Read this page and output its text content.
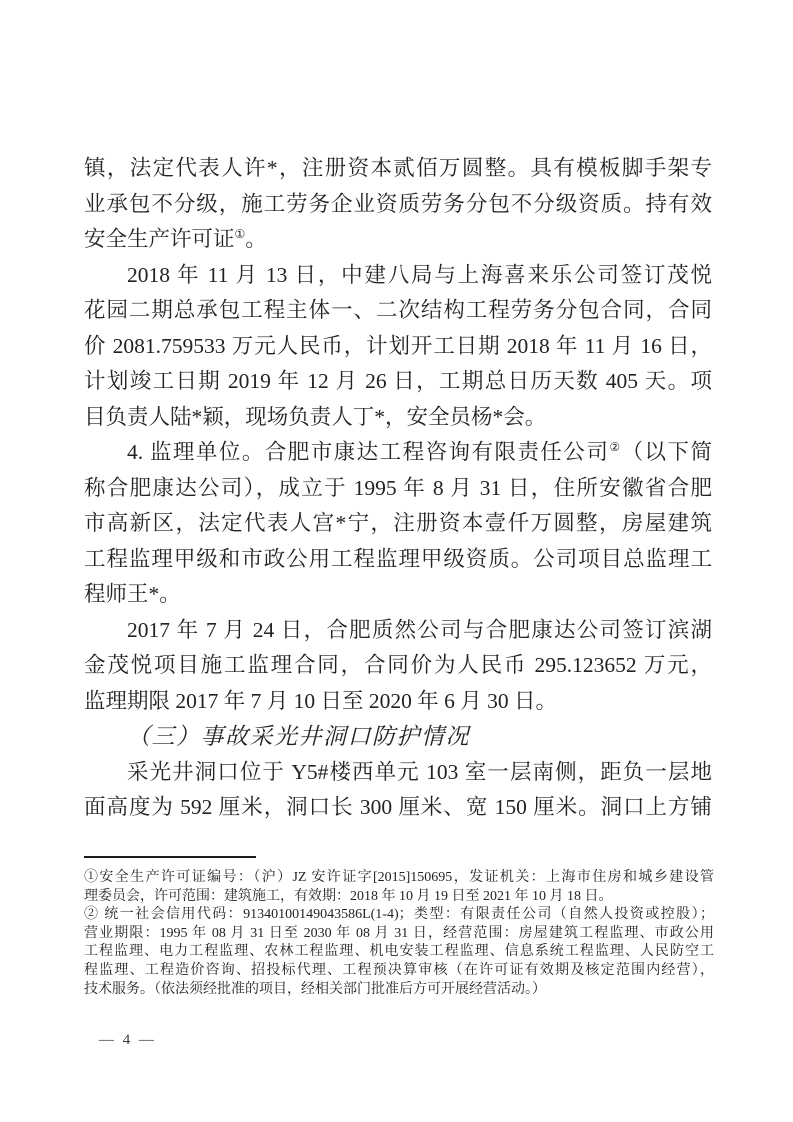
镇，法定代表人许*，注册资本贰佰万圆整。具有模板脚手架专
业承包不分级，施工劳务企业资质劳务分包不分级资质。持有效
安全生产许可证①。
2018 年 11 月 13 日，中建八局与上海喜来乐公司签订茂悦
花园二期总承包工程主体一、二次结构工程劳务分包合同，合同
价 2081.759533 万元人民币，计划开工日期 2018 年 11 月 16 日，
计划竣工日期 2019 年 12 月 26 日，工期总日历天数 405 天。项
目负责人陆*颖，现场负责人丁*，安全员杨*会。
4. 监理单位。合肥市康达工程咨询有限责任公司②（以下简
称合肥康达公司），成立于 1995 年 8 月 31 日，住所安徽省合肥
市高新区，法定代表人宫*宁，注册资本壹仟万圆整，房屋建筑
工程监理甲级和市政公用工程监理甲级资质。公司项目总监理工
程师王*。
2017 年 7 月 24 日，合肥质然公司与合肥康达公司签订滨湖
金茂悦项目施工监理合同，合同价为人民币 295.123652 万元，
监理期限 2017 年 7 月 10 日至 2020 年 6 月 30 日。
（三）事故采光井洞口防护情况
采光井洞口位于 Y5#楼西单元 103 室一层南侧，距负一层地
面高度为 592 厘米，洞口长 300 厘米、宽 150 厘米。洞口上方铺
①安全生产许可证编号：（沪）JZ 安许证字[2015]150695，发证机关：上海市住房和城乡建设管
理委员会，许可范围：建筑施工，有效期：2018 年 10 月 19 日至 2021 年 10 月 18 日。
② 统一社会信用代码：91340100149043586L(1-4)；类型：有限责任公司（自然人投资或控股）；
营业期限：1995 年 08 月 31 日至 2030 年 08 月 31 日，经营范围：房屋建筑工程监理、市政公用
工程监理、电力工程监理、农林工程监理、机电安装工程监理、信息系统工程监理、人民防空工
程监理、工程造价咨询、招投标代理、工程预决算审核（在许可证有效期及核定范围内经营），
技术服务。（依法须经批准的项目，经相关部门批准后方可开展经营活动。）
— 4 —
